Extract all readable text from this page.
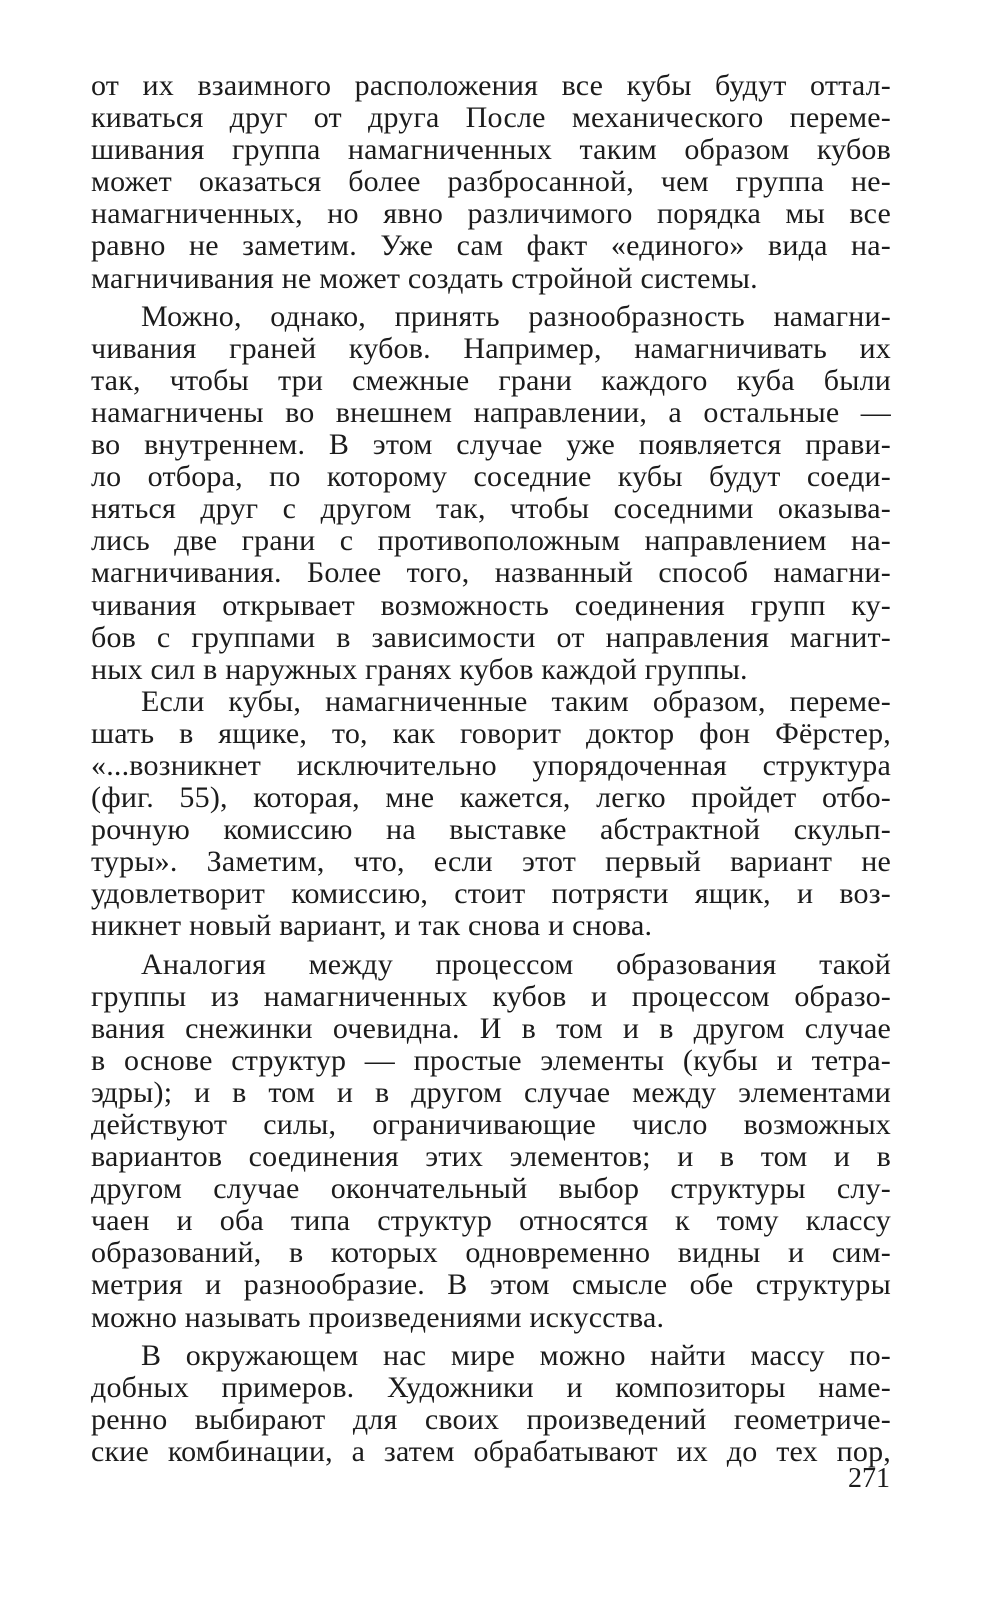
от их взаимного расположения все кубы будут оттал-
киваться друг от друга После механического переме-
шивания группа намагниченных таким образом кубов
может оказаться более разбросанной, чем группа не-
намагниченных, но явно различимого порядка мы все
равно не заметим. Уже сам факт «единого» вида на-
магничивания не может создать стройной системы.
Можно, однако, принять разнообразность намагни-
чивания граней кубов. Например, намагничивать их
так, чтобы три смежные грани каждого куба были
намагничены во внешнем направлении, а остальные —
во внутреннем. В этом случае уже появляется прави-
ло отбора, по которому соседние кубы будут соеди-
няться друг с другом так, чтобы соседними оказыва-
лись две грани с противоположным направлением на-
магничивания. Более того, названный способ намагни-
чивания открывает возможность соединения групп ку-
бов с группами в зависимости от направления магнит-
ных сил в наружных гранях кубов каждой группы.
Если кубы, намагниченные таким образом, переме-
шать в ящике, то, как говорит доктор фон Фёрстер,
«...возникнет исключительно упорядоченная структура
(фиг. 55), которая, мне кажется, легко пройдет отбо-
рочную комиссию на выставке абстрактной скульп-
туры». Заметим, что, если этот первый вариант не
удовлетворит комиссию, стоит потрясти ящик, и воз-
никнет новый вариант, и так снова и снова.
Аналогия между процессом образования такой
группы из намагниченных кубов и процессом образо-
вания снежинки очевидна. И в том и в другом случае
в основе структур — простые элементы (кубы и тетра-
эдры); и в том и в другом случае между элементами
действуют силы, ограничивающие число возможных
вариантов соединения этих элементов; и в том и в
другом случае окончательный выбор структуры слу-
чаен и оба типа структур относятся к тому классу
образований, в которых одновременно видны и сим-
метрия и разнообразие. В этом смысле обе структуры
можно называть произведениями искусства.
В окружающем нас мире можно найти массу по-
добных примеров. Художники и композиторы наме-
ренно выбирают для своих произведений геометриче-
ские комбинации, а затем обрабатывают их до тех пор,
271
